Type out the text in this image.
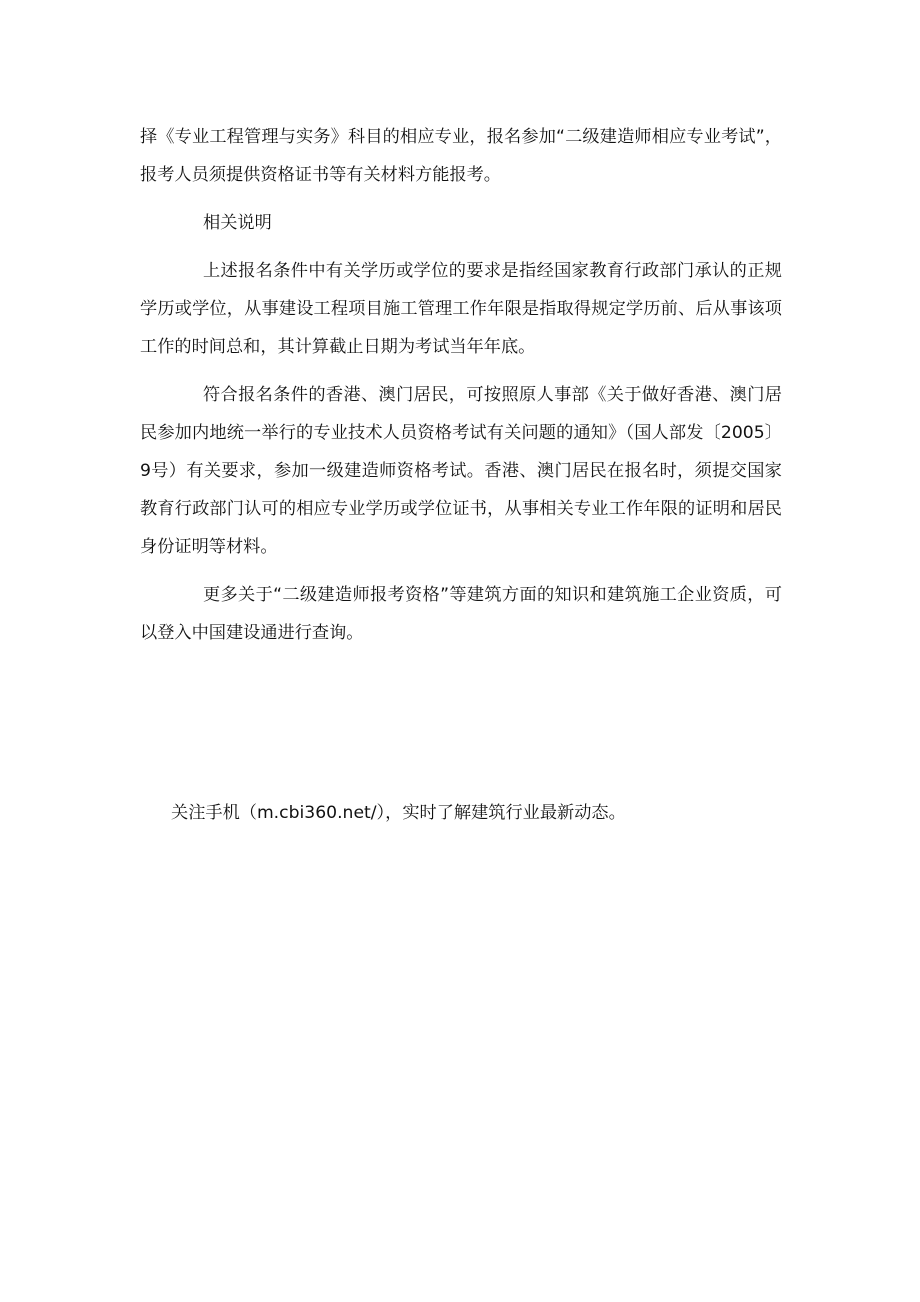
择《专业工程管理与实务》科目的相应专业，报名参加“二级建造师相应专业考试”，报考人员须提供资格证书等有关材料方能报考。

相关说明

上述报名条件中有关学历或学位的要求是指经国家教育行政部门承认的正规学历或学位，从事建设工程项目施工管理工作年限是指取得规定学历前、后从事该项工作的时间总和，其计算截止日期为考试当年年底。

符合报名条件的香港、澳门居民，可按照原人事部《关于做好香港、澳门居民参加内地统一举行的专业技术人员资格考试有关问题的通知》（国人部发〔2005〕9号）有关要求，参加一级建造师资格考试。香港、澳门居民在报名时，须提交国家教育行政部门认可的相应专业学历或学位证书，从事相关专业工作年限的证明和居民身份证明等材料。

更多关于“二级建造师报考资格”等建筑方面的知识和建筑施工企业资质，可以登入中国建设通进行查询。

关注手机（m.cbi360.net/），实时了解建筑行业最新动态。
